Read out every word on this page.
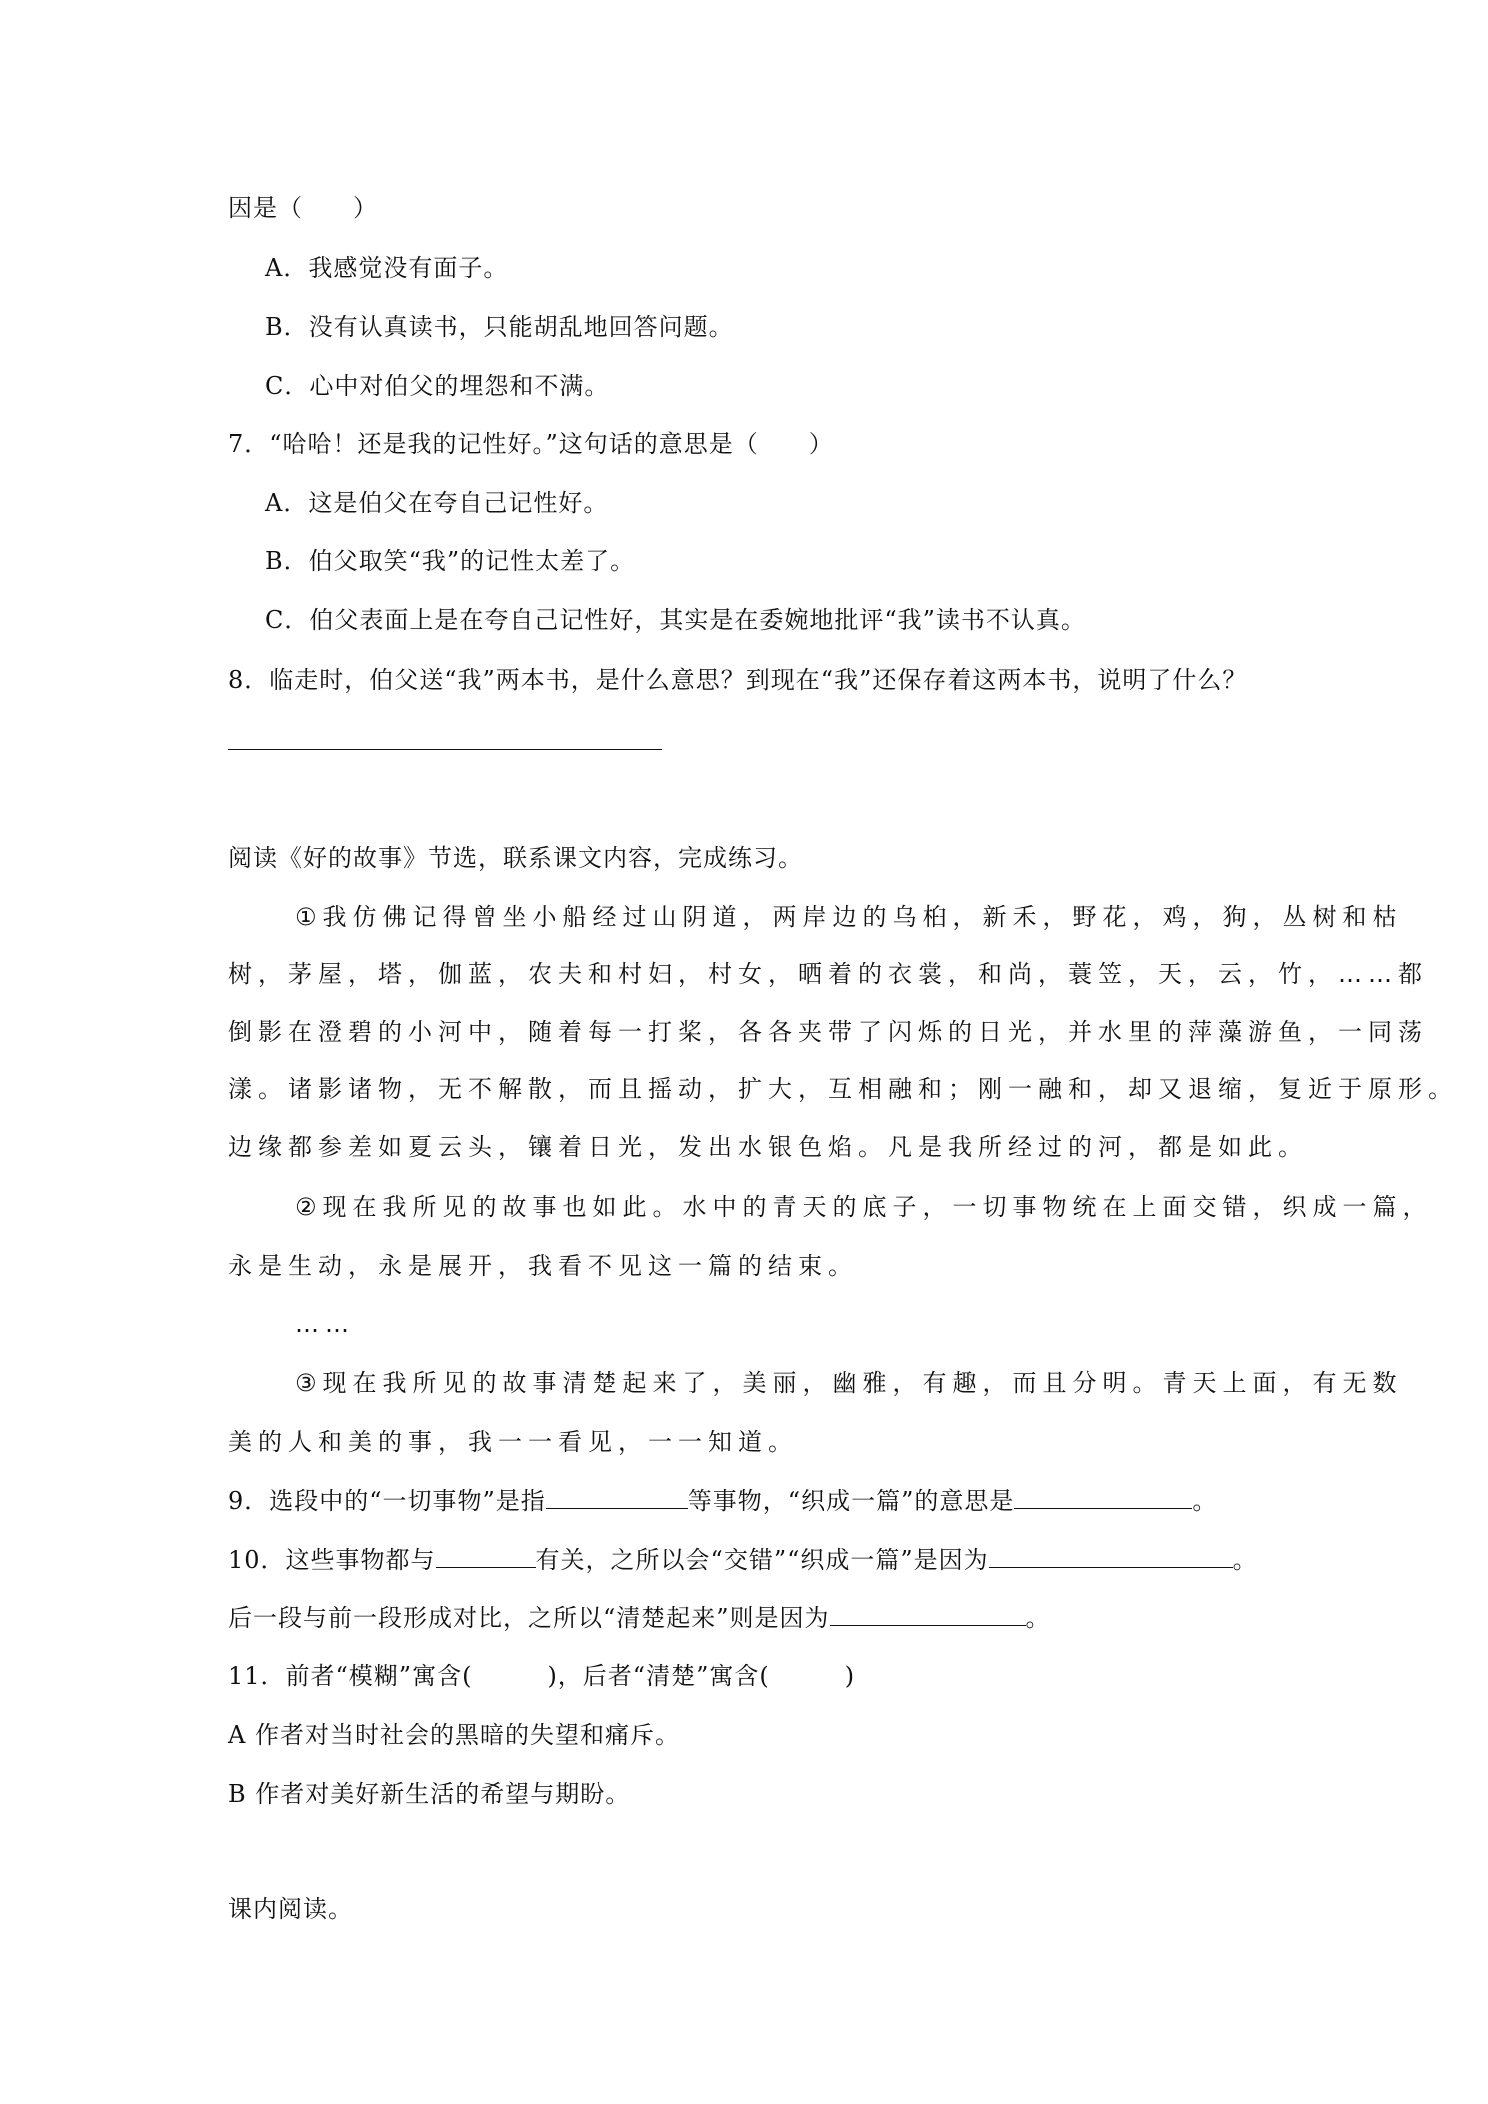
因是（　　）
A．我感觉没有面子。
B．没有认真读书，只能胡乱地回答问题。
C．心中对伯父的埋怨和不满。
7．“哈哈！还是我的记性好。”这句话的意思是（　　）
A．这是伯父在夸自己记性好。
B．伯父取笑“我”的记性太差了。
C．伯父表面上是在夸自己记性好，其实是在委婉地批评“我”读书不认真。
8．临走时，伯父送“我”两本书，是什么意思？到现在“我”还保存着这两本书，说明了什么？
阅读《好的故事》节选，联系课文内容，完成练习。
①我仿佛记得曾坐小船经过山阴道，两岸边的乌桕，新禾，野花，鸡，狗，丛树和枯
树，茅屋，塔，伽蓝，农夫和村妇，村女，晒着的衣裳，和尚，蓑笠，天，云，竹，……都
倒影在澄碧的小河中，随着每一打桨，各各夹带了闪烁的日光，并水里的萍藻游鱼，一同荡
漾。诸影诸物，无不解散，而且摇动，扩大，互相融和；刚一融和，却又退缩，复近于原形。
边缘都参差如夏云头，镶着日光，发出水银色焰。凡是我所经过的河，都是如此。
②现在我所见的故事也如此。水中的青天的底子，一切事物统在上面交错，织成一篇，
永是生动，永是展开，我看不见这一篇的结束。
……
③现在我所见的故事清楚起来了，美丽，幽雅，有趣，而且分明。青天上面，有无数
美的人和美的事，我一一看见，一一知道。
9．选段中的“一切事物”是指	等事物，“织成一篇”的意思是	。
10．这些事物都与	有关，之所以会“交错”“织成一篇”是因为	。
后一段与前一段形成对比，之所以“清楚起来”则是因为	。
11．前者“模糊”寓含(　　　)，后者“清楚”寓含(　　　)
A 作者对当时社会的黑暗的失望和痛斥。
B 作者对美好新生活的希望与期盼。
课内阅读。
